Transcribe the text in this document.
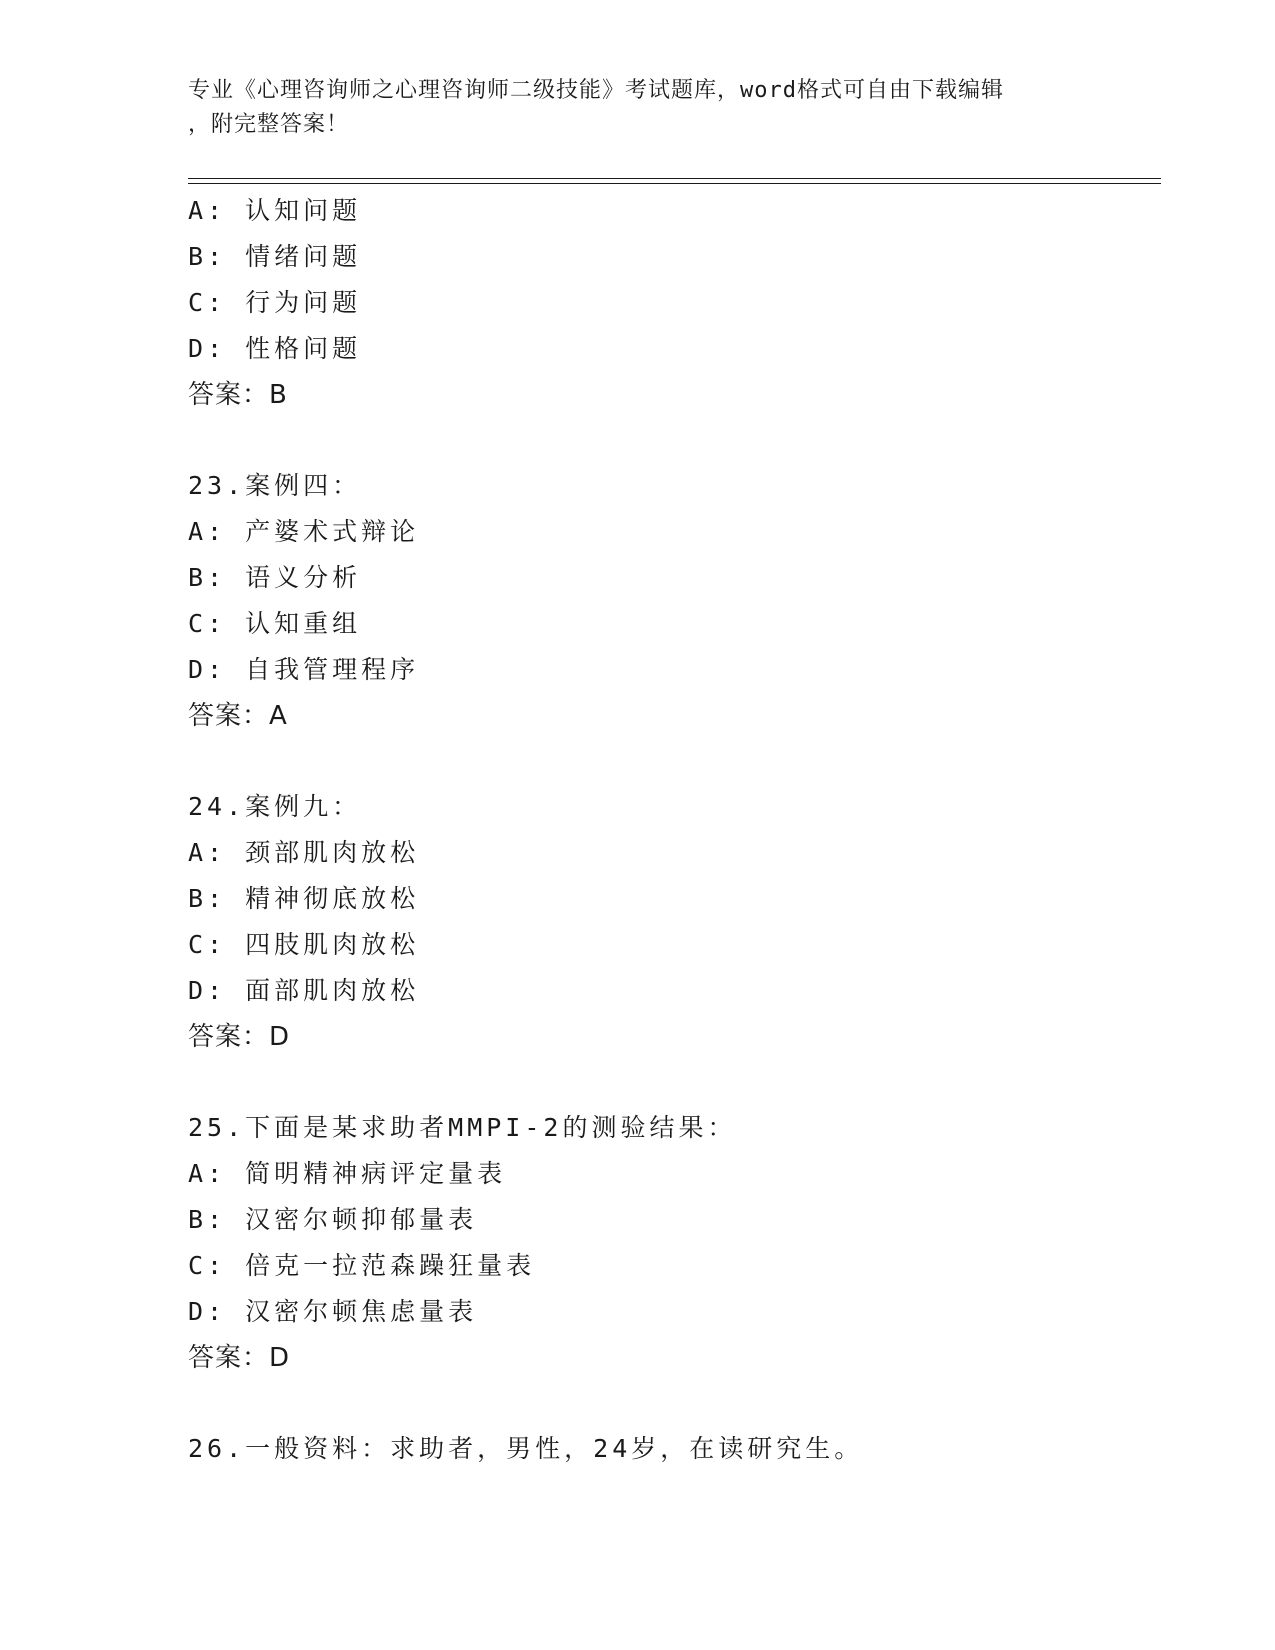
专业《心理咨询师之心理咨询师二级技能》考试题库，word格式可自由下载编辑
，附完整答案！
A: 认知问题
B: 情绪问题
C: 行为问题
D: 性格问题
答案：B
23.案例四：
A: 产婆术式辩论
B: 语义分析
C: 认知重组
D: 自我管理程序
答案：A
24.案例九：
A: 颈部肌肉放松
B: 精神彻底放松
C: 四肢肌肉放松
D: 面部肌肉放松
答案：D
25.下面是某求助者MMPI-2的测验结果：
A: 简明精神病评定量表
B: 汉密尔顿抑郁量表
C: 倍克一拉范森躁狂量表
D: 汉密尔顿焦虑量表
答案：D
26.一般资料：求助者，男性，24岁，在读研究生。
